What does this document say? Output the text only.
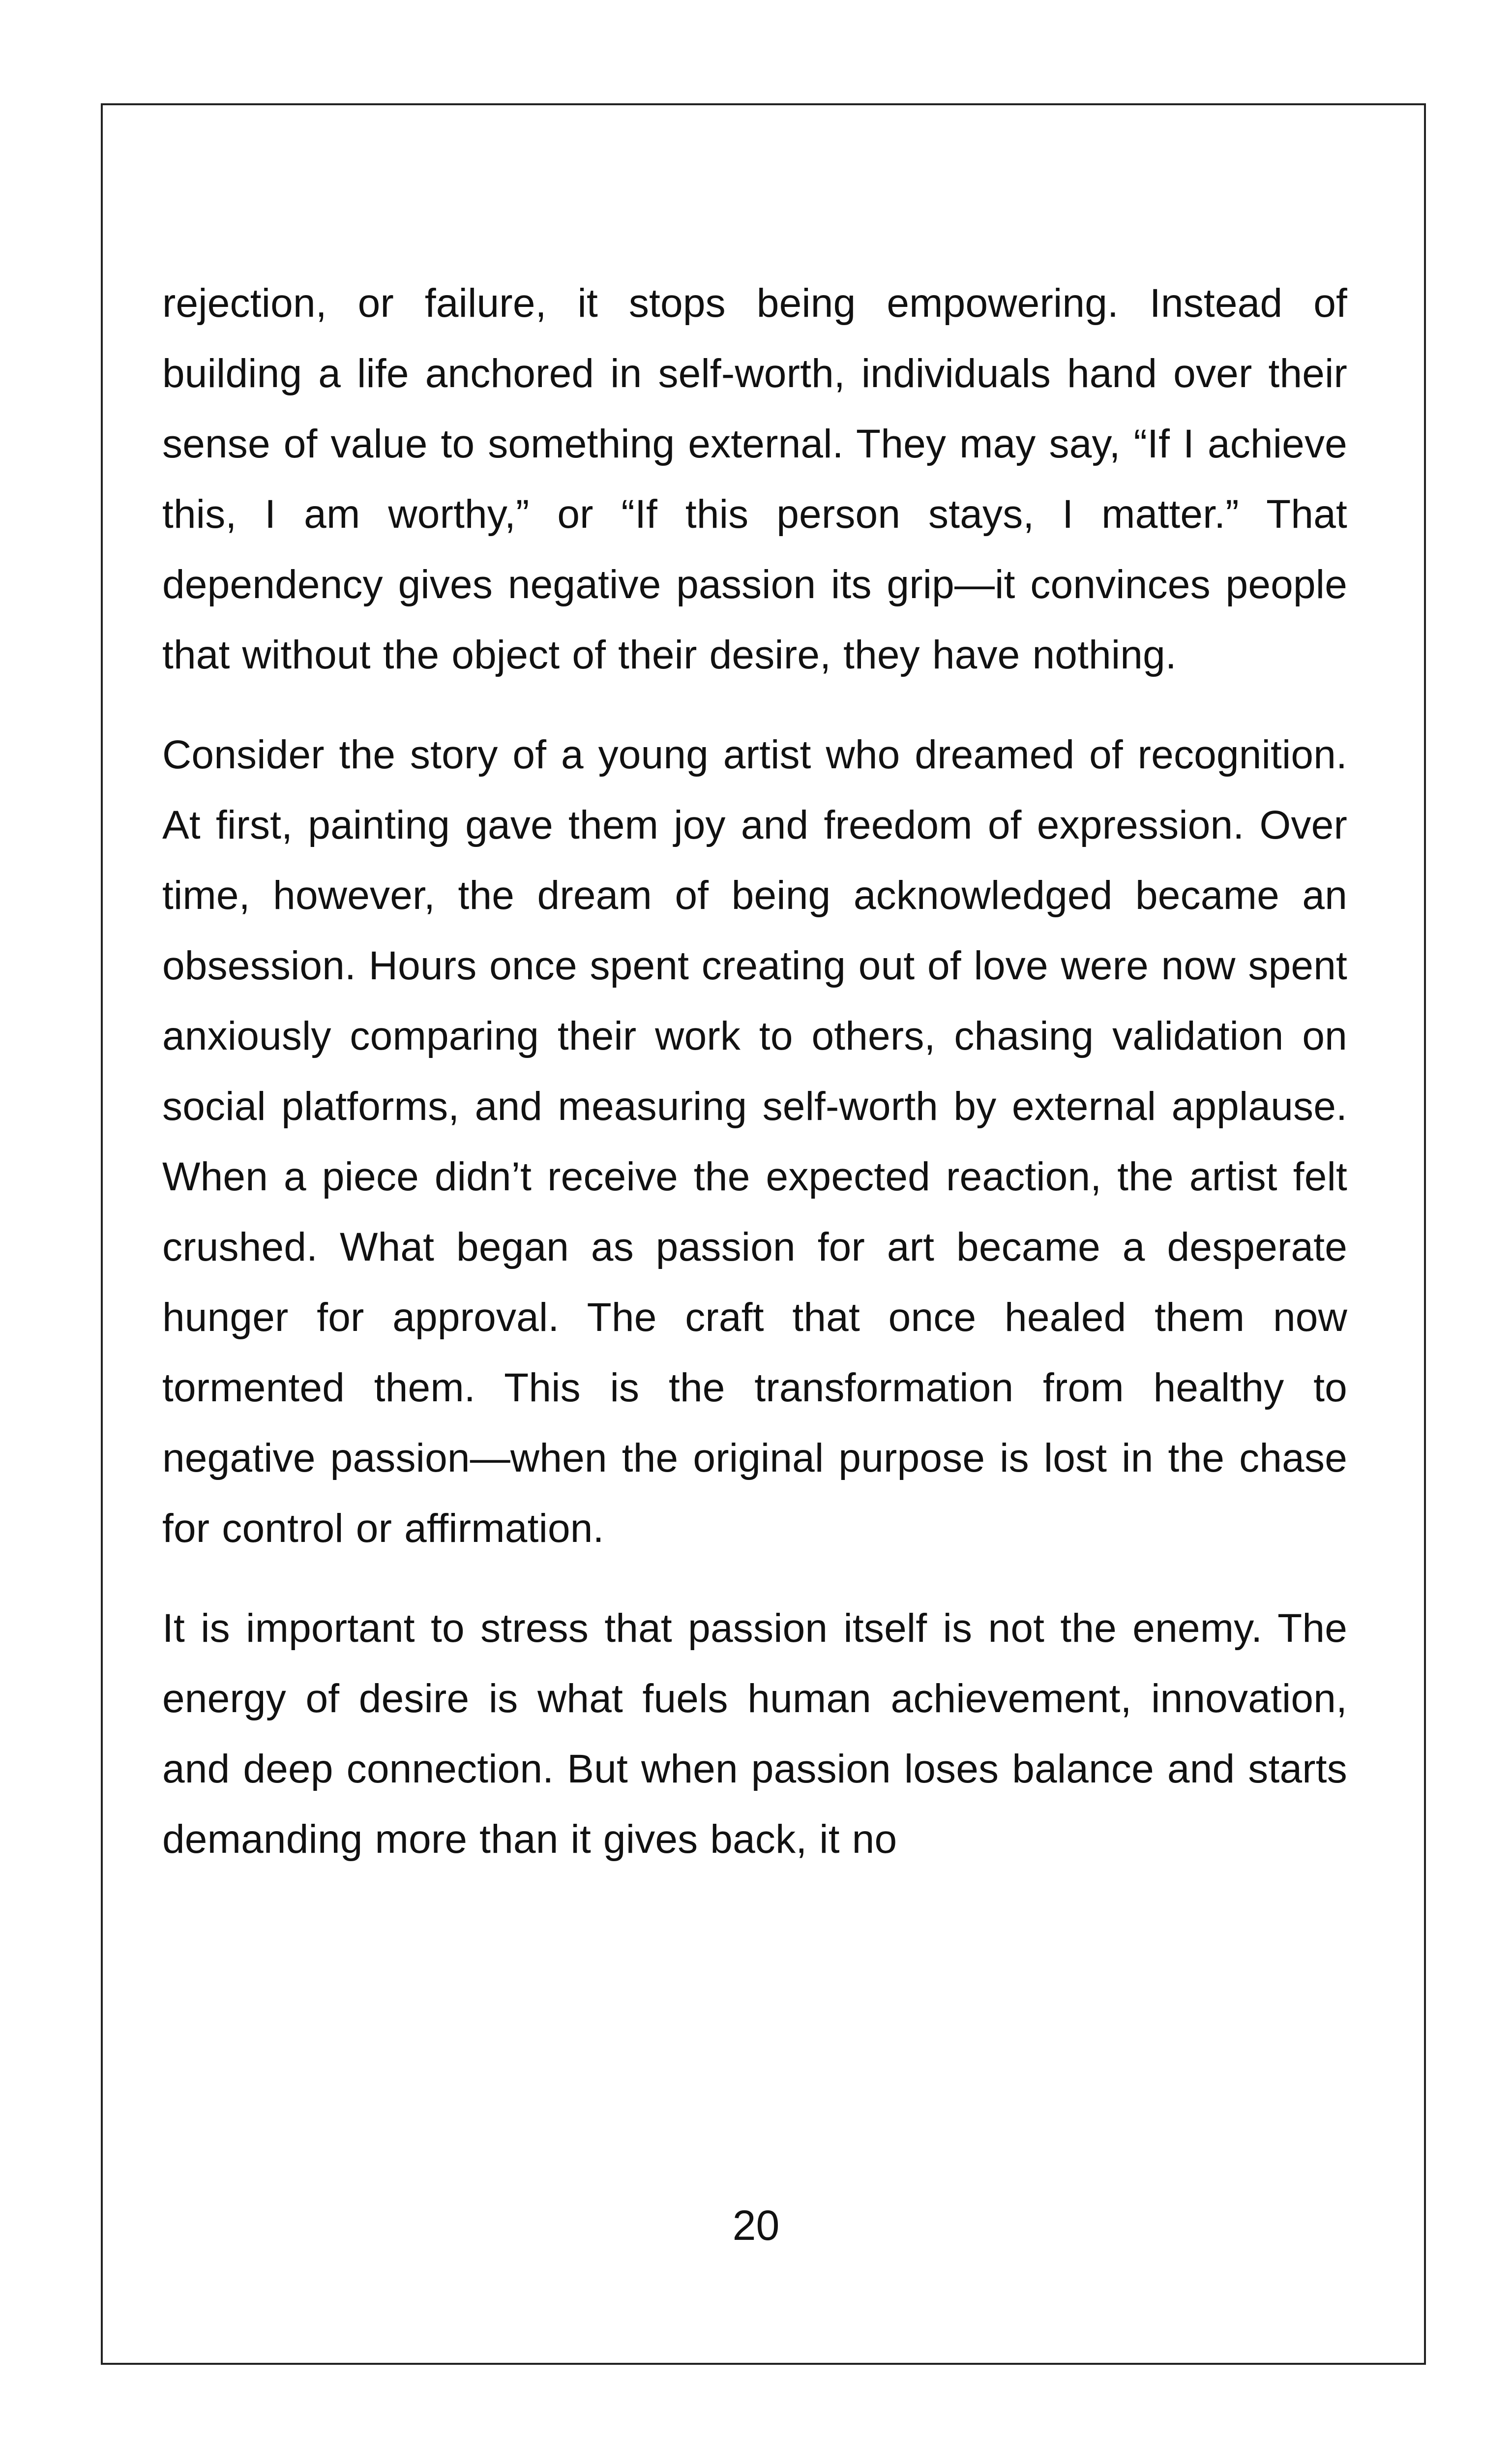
rejection, or failure, it stops being empowering. Instead of building a life anchored in self-worth, individuals hand over their sense of value to something external. They may say, “If I achieve this, I am worthy,” or “If this person stays, I matter.” That dependency gives negative passion its grip—it convinces people that without the object of their desire, they have nothing.

Consider the story of a young artist who dreamed of recognition. At first, painting gave them joy and freedom of expression. Over time, however, the dream of being acknowledged became an obsession. Hours once spent creating out of love were now spent anxiously comparing their work to others, chasing validation on social platforms, and measuring self-worth by external applause. When a piece didn’t receive the expected reaction, the artist felt crushed. What began as passion for art became a desperate hunger for approval. The craft that once healed them now tormented them. This is the transformation from healthy to negative passion—when the original purpose is lost in the chase for control or affirmation.

It is important to stress that passion itself is not the enemy. The energy of desire is what fuels human achievement, innovation, and deep connection. But when passion loses balance and starts demanding more than it gives back, it no

20
